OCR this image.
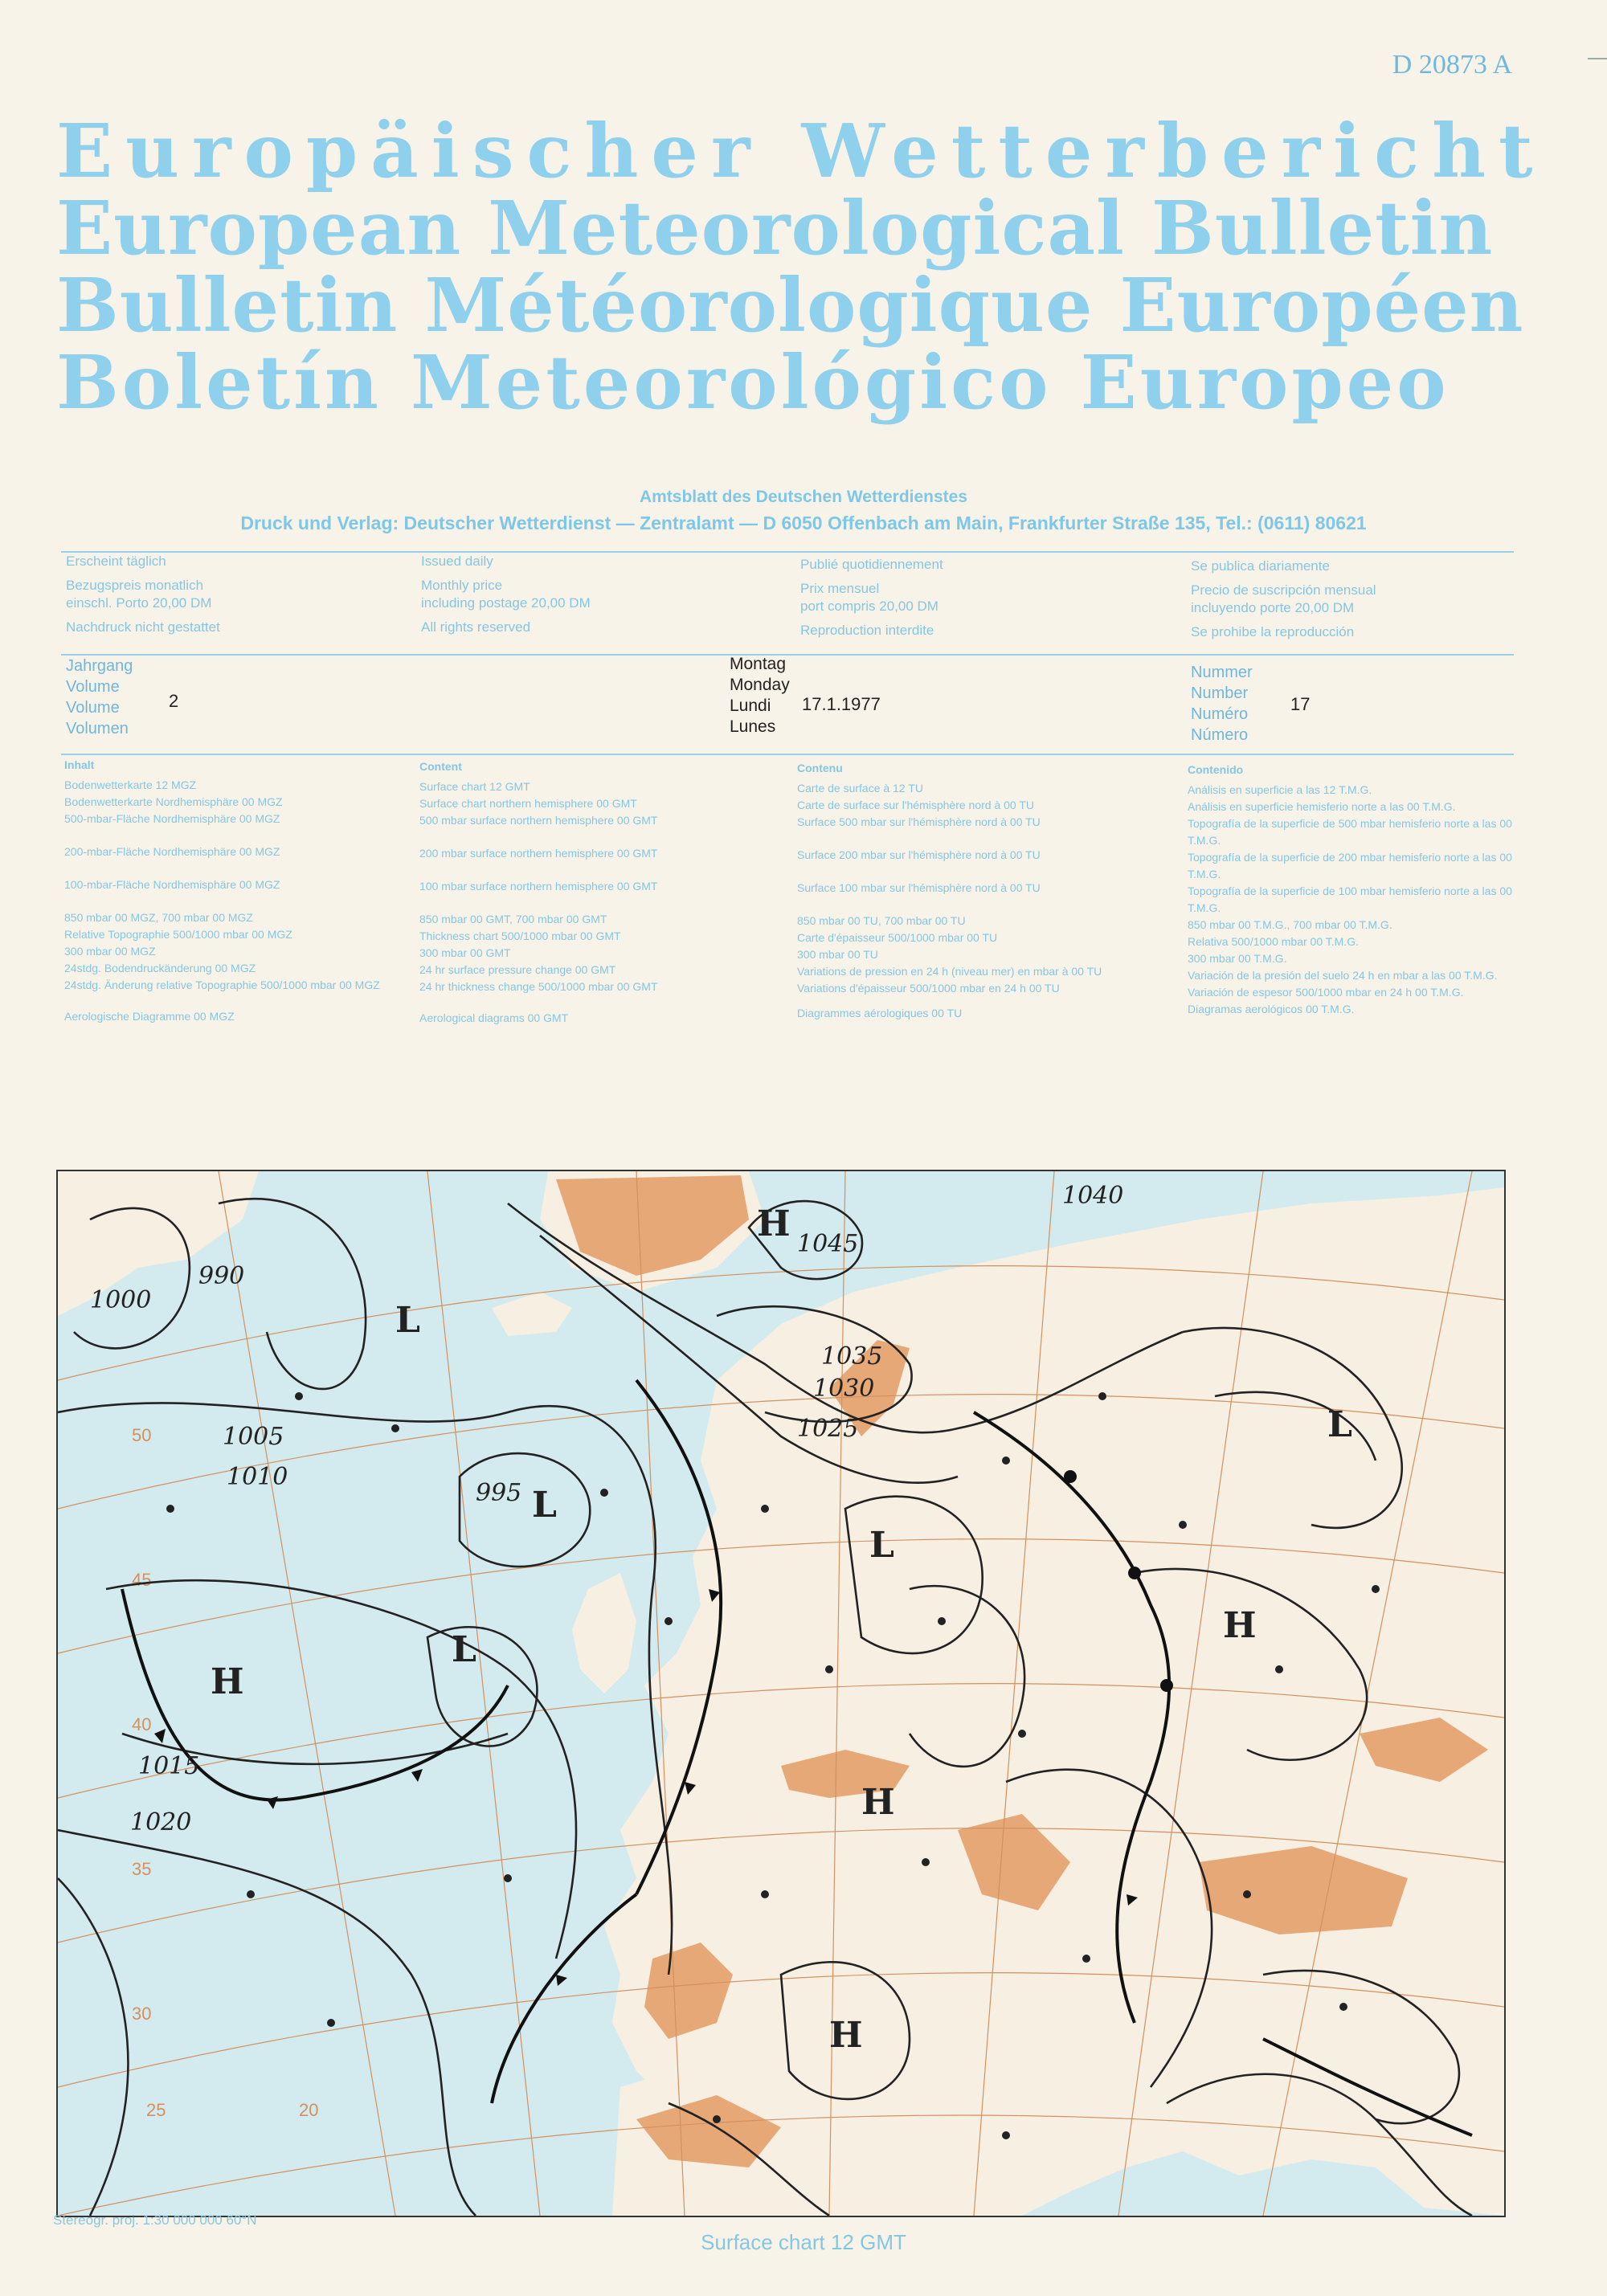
D 20873 A
Europäischer Wetterbericht
European Meteorological Bulletin
Bulletin Météorologique Européen
Boletín Meteorológico Europeo
Amtsblatt des Deutschen Wetterdienstes
Druck und Verlag: Deutscher Wetterdienst — Zentralamt — D 6050 Offenbach am Main, Frankfurter Straße 135, Tel.: (0611) 80621
Erscheint täglich
Bezugspreis monatlich
einschl. Porto 20,00 DM
Nachdruck nicht gestattet
Issued daily
Monthly price
including postage 20,00 DM
All rights reserved
Publié quotidiennement
Prix mensuel
port compris 20,00 DM
Reproduction interdite
Se publica diariamente
Precio de suscripción mensual
incluyendo porte 20,00 DM
Se prohibe la reproducción
Jahrgang
Volume
Volume
Volumen
2
Montag
Monday
Lundi
Lunes
17.1.1977
Nummer
Number
Numéro
Número
17
Inhalt
Bodenwetterkarte 12 MGZ
Bodenwetterkarte Nordhemisphäre 00 MGZ
500-mbar-Fläche Nordhemisphäre 00 MGZ
200-mbar-Fläche Nordhemisphäre 00 MGZ
100-mbar-Fläche Nordhemisphäre 00 MGZ
850 mbar 00 MGZ, 700 mbar 00 MGZ
Relative Topographie 500/1000 mbar 00 MGZ
300 mbar 00 MGZ
24stdg. Bodendruckänderung 00 MGZ
24stdg. Änderung relative Topographie 500/1000 mbar 00 MGZ
Aerologische Diagramme 00 MGZ
Content
Surface chart 12 GMT
Surface chart northern hemisphere 00 GMT
500 mbar surface northern hemisphere 00 GMT
200 mbar surface northern hemisphere 00 GMT
100 mbar surface northern hemisphere 00 GMT
850 mbar 00 GMT, 700 mbar 00 GMT
Thickness chart 500/1000 mbar 00 GMT
300 mbar 00 GMT
24 hr surface pressure change 00 GMT
24 hr thickness change 500/1000 mbar 00 GMT
Aerological diagrams 00 GMT
Contenu
Carte de surface à 12 TU
Carte de surface sur l'hémisphère nord à 00 TU
Surface 500 mbar sur l'hémisphère nord à 00 TU
Surface 200 mbar sur l'hémisphère nord à 00 TU
Surface 100 mbar sur l'hémisphère nord à 00 TU
850 mbar 00 TU, 700 mbar 00 TU
Carte d'épaisseur 500/1000 mbar 00 TU
300 mbar 00 TU
Variations de pression en 24 h (niveau mer) en mbar à 00 TU
Variations d'épaisseur 500/1000 mbar en 24 h 00 TU
Diagrammes aérologiques 00 TU
Contenido
Análisis en superficie a las 12 T.M.G.
Análisis en superficie hemisferio norte a las 00 T.M.G.
Topografía de la superficie de 500 mbar hemisferio norte a las 00 T.M.G.
Topografía de la superficie de 200 mbar hemisferio norte a las 00 T.M.G.
Topografía de la superficie de 100 mbar hemisferio norte a las 00 T.M.G.
850 mbar 00 T.M.G., 700 mbar 00 T.M.G.
Relativa 500/1000 mbar 00 T.M.G.
300 mbar 00 T.M.G.
Variación de la presión del suelo 24 h en mbar a las 00 T.M.G.
Variación de espesor 500/1000 mbar en 24 h 00 T.M.G.
Diagramas aerológicos 00 T.M.G.
50
45
40
35
30
25	20
990
995
1000
1005
1010
1015
1020
1025
1030
1035
1040
1045
H
H
H
H
H
L
L
L
L
L
Stereogr. proj. 1:30 000 000 60°N
Surface chart 12 GMT
